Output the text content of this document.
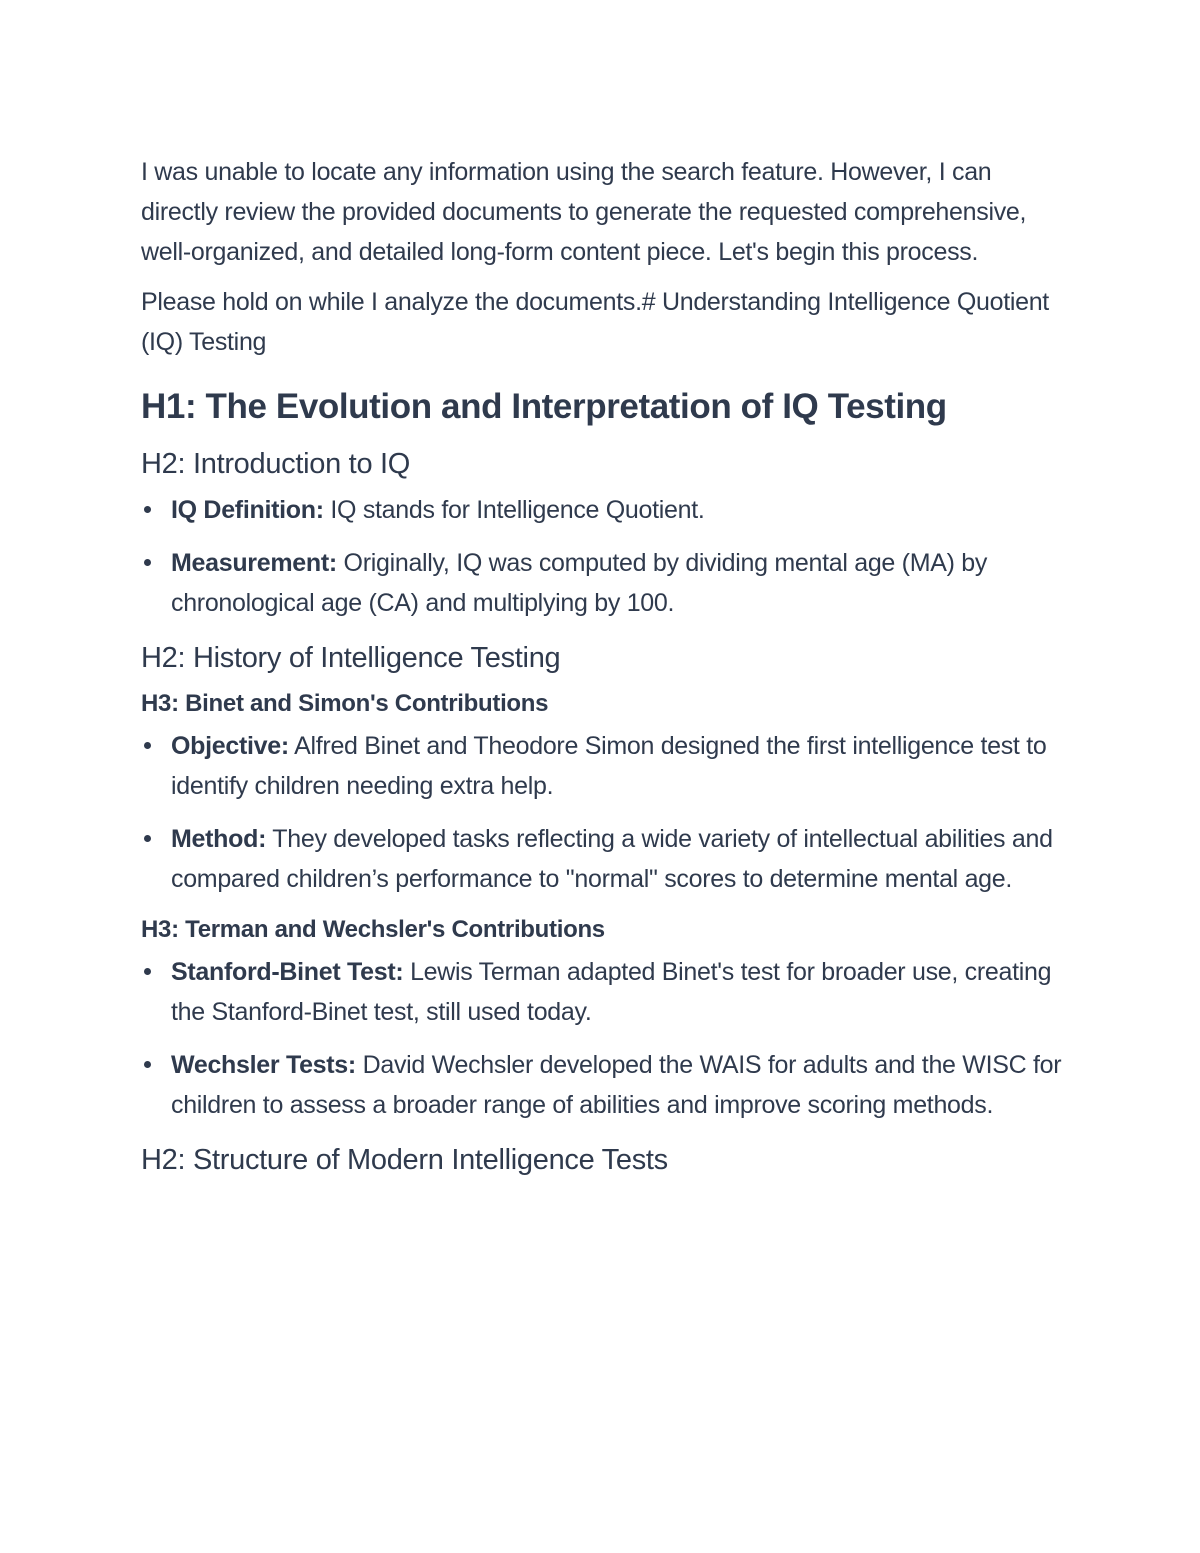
I was unable to locate any information using the search feature. However, I can directly review the provided documents to generate the requested comprehensive, well-organized, and detailed long-form content piece. Let's begin this process.

Please hold on while I analyze the documents.# Understanding Intelligence Quotient (IQ) Testing

H1: The Evolution and Interpretation of IQ Testing
H2: Introduction to IQ
IQ Definition: IQ stands for Intelligence Quotient.
Measurement: Originally, IQ was computed by dividing mental age (MA) by chronological age (CA) and multiplying by 100.
H2: History of Intelligence Testing
H3: Binet and Simon's Contributions
Objective: Alfred Binet and Theodore Simon designed the first intelligence test to identify children needing extra help.
Method: They developed tasks reflecting a wide variety of intellectual abilities and compared children’s performance to "normal" scores to determine mental age.
H3: Terman and Wechsler's Contributions
Stanford-Binet Test: Lewis Terman adapted Binet's test for broader use, creating the Stanford-Binet test, still used today.
Wechsler Tests: David Wechsler developed the WAIS for adults and the WISC for children to assess a broader range of abilities and improve scoring methods.
H2: Structure of Modern Intelligence Tests
